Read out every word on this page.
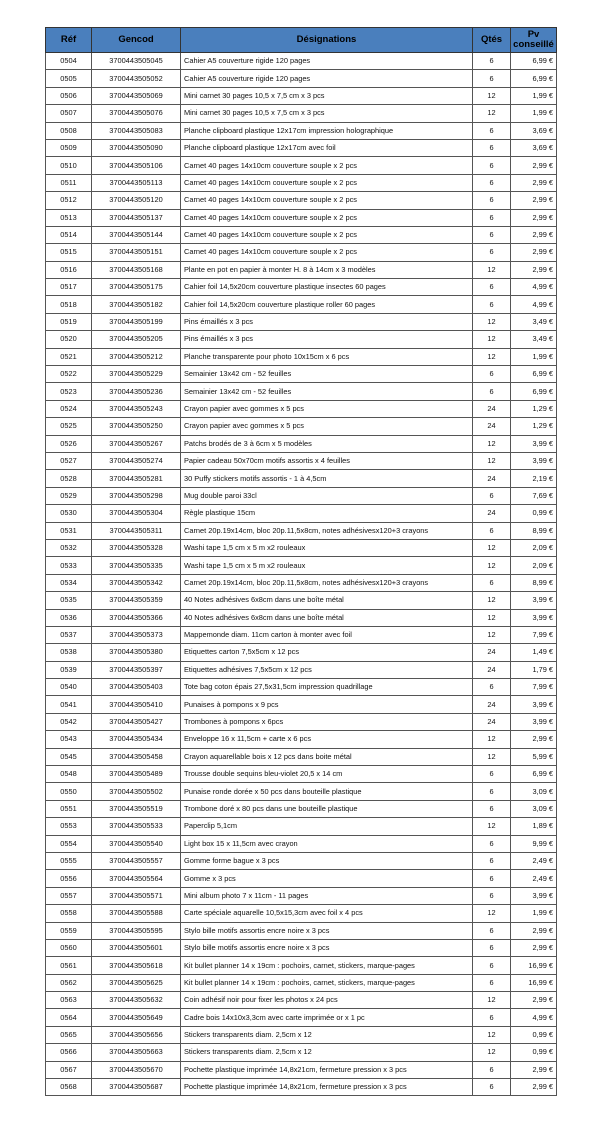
Réf	Gencod	Désignations	Qtés	Pv conseillé
0504	3700443505045	Cahier A5 couverture rigide 120 pages	6	6,99 €
0505	3700443505052	Cahier A5 couverture rigide 120 pages	6	6,99 €
0506	3700443505069	Mini carnet 30 pages 10,5 x 7,5 cm x 3 pcs	12	1,99 €
0507	3700443505076	Mini carnet 30 pages 10,5 x 7,5 cm x 3 pcs	12	1,99 €
0508	3700443505083	Planche clipboard plastique 12x17cm impression holographique	6	3,69 €
0509	3700443505090	Planche clipboard plastique 12x17cm avec foil	6	3,69 €
0510	3700443505106	Carnet 40 pages 14x10cm couverture souple x 2 pcs	6	2,99 €
0511	3700443505113	Carnet 40 pages 14x10cm couverture souple x 2 pcs	6	2,99 €
0512	3700443505120	Carnet 40 pages 14x10cm couverture souple x 2 pcs	6	2,99 €
0513	3700443505137	Carnet 40 pages 14x10cm couverture souple x 2 pcs	6	2,99 €
0514	3700443505144	Carnet 40 pages 14x10cm couverture souple x 2 pcs	6	2,99 €
0515	3700443505151	Carnet 40 pages 14x10cm couverture souple x 2 pcs	6	2,99 €
0516	3700443505168	Plante en pot en papier à monter H. 8 à 14cm x 3 modèles	12	2,99 €
0517	3700443505175	Cahier foil 14,5x20cm couverture plastique insectes 60 pages	6	4,99 €
0518	3700443505182	Cahier foil 14,5x20cm couverture plastique roller 60 pages	6	4,99 €
0519	3700443505199	Pins émaillés x 3 pcs	12	3,49 €
0520	3700443505205	Pins émaillés x 3 pcs	12	3,49 €
0521	3700443505212	Planche transparente pour photo 10x15cm x 6 pcs	12	1,99 €
0522	3700443505229	Semainier 13x42 cm - 52 feuilles	6	6,99 €
0523	3700443505236	Semainier 13x42 cm - 52 feuilles	6	6,99 €
0524	3700443505243	Crayon papier avec gommes x 5 pcs	24	1,29 €
0525	3700443505250	Crayon papier avec gommes x 5 pcs	24	1,29 €
0526	3700443505267	Patchs brodés de 3 à 6cm x 5 modèles	12	3,99 €
0527	3700443505274	Papier cadeau 50x70cm motifs assortis x 4 feuilles	12	3,99 €
0528	3700443505281	30 Puffy stickers motifs assortis - 1 à 4,5cm	24	2,19 €
0529	3700443505298	Mug double paroi 33cl	6	7,69 €
0530	3700443505304	Règle plastique 15cm	24	0,99 €
0531	3700443505311	Carnet 20p.19x14cm, bloc 20p.11,5x8cm, notes adhésivesx120+3 crayons	6	8,99 €
0532	3700443505328	Washi tape 1,5 cm x 5 m x2 rouleaux	12	2,09 €
0533	3700443505335	Washi tape 1,5 cm x 5 m x2 rouleaux	12	2,09 €
0534	3700443505342	Carnet 20p.19x14cm, bloc 20p.11,5x8cm, notes adhésivesx120+3 crayons	6	8,99 €
0535	3700443505359	40 Notes adhésives 6x8cm dans une boîte métal	12	3,99 €
0536	3700443505366	40 Notes adhésives 6x8cm dans une boîte métal	12	3,99 €
0537	3700443505373	Mappemonde diam. 11cm carton à monter avec foil	12	7,99 €
0538	3700443505380	Etiquettes carton 7,5x5cm x 12 pcs	24	1,49 €
0539	3700443505397	Etiquettes adhésives 7,5x5cm x 12 pcs	24	1,79 €
0540	3700443505403	Tote bag coton épais 27,5x31,5cm impression quadrillage	6	7,99 €
0541	3700443505410	Punaises à pompons x 9 pcs	24	3,99 €
0542	3700443505427	Trombones à pompons x 6pcs	24	3,99 €
0543	3700443505434	Enveloppe 16 x 11,5cm + carte x 6 pcs	12	2,99 €
0545	3700443505458	Crayon aquarellable bois x 12 pcs dans boite métal	12	5,99 €
0548	3700443505489	Trousse double sequins bleu-violet 20,5 x 14 cm	6	6,99 €
0550	3700443505502	Punaise ronde dorée x 50 pcs dans bouteille plastique	6	3,09 €
0551	3700443505519	Trombone doré x 80 pcs dans une bouteille plastique	6	3,09 €
0553	3700443505533	Paperclip 5,1cm	12	1,89 €
0554	3700443505540	Light box 15 x 11,5cm avec crayon	6	9,99 €
0555	3700443505557	Gomme forme bague x 3 pcs	6	2,49 €
0556	3700443505564	Gomme x 3 pcs	6	2,49 €
0557	3700443505571	Mini album photo 7 x 11cm - 11 pages	6	3,99 €
0558	3700443505588	Carte spéciale aquarelle 10,5x15,3cm avec foil x 4 pcs	12	1,99 €
0559	3700443505595	Stylo bille motifs assortis encre noire x 3 pcs	6	2,99 €
0560	3700443505601	Stylo bille motifs assortis encre noire x 3 pcs	6	2,99 €
0561	3700443505618	Kit bullet planner 14 x 19cm : pochoirs, carnet, stickers, marque-pages	6	16,99 €
0562	3700443505625	Kit bullet planner 14 x 19cm : pochoirs, carnet, stickers, marque-pages	6	16,99 €
0563	3700443505632	Coin adhésif noir pour fixer les photos x 24 pcs	12	2,99 €
0564	3700443505649	Cadre bois 14x10x3,3cm avec carte imprimée or x 1 pc	6	4,99 €
0565	3700443505656	Stickers transparents diam. 2,5cm x 12	12	0,99 €
0566	3700443505663	Stickers transparents diam. 2,5cm x 12	12	0,99 €
0567	3700443505670	Pochette plastique imprimée 14,8x21cm, fermeture pression x 3 pcs	6	2,99 €
0568	3700443505687	Pochette plastique imprimée 14,8x21cm, fermeture pression x 3 pcs	6	2,99 €
